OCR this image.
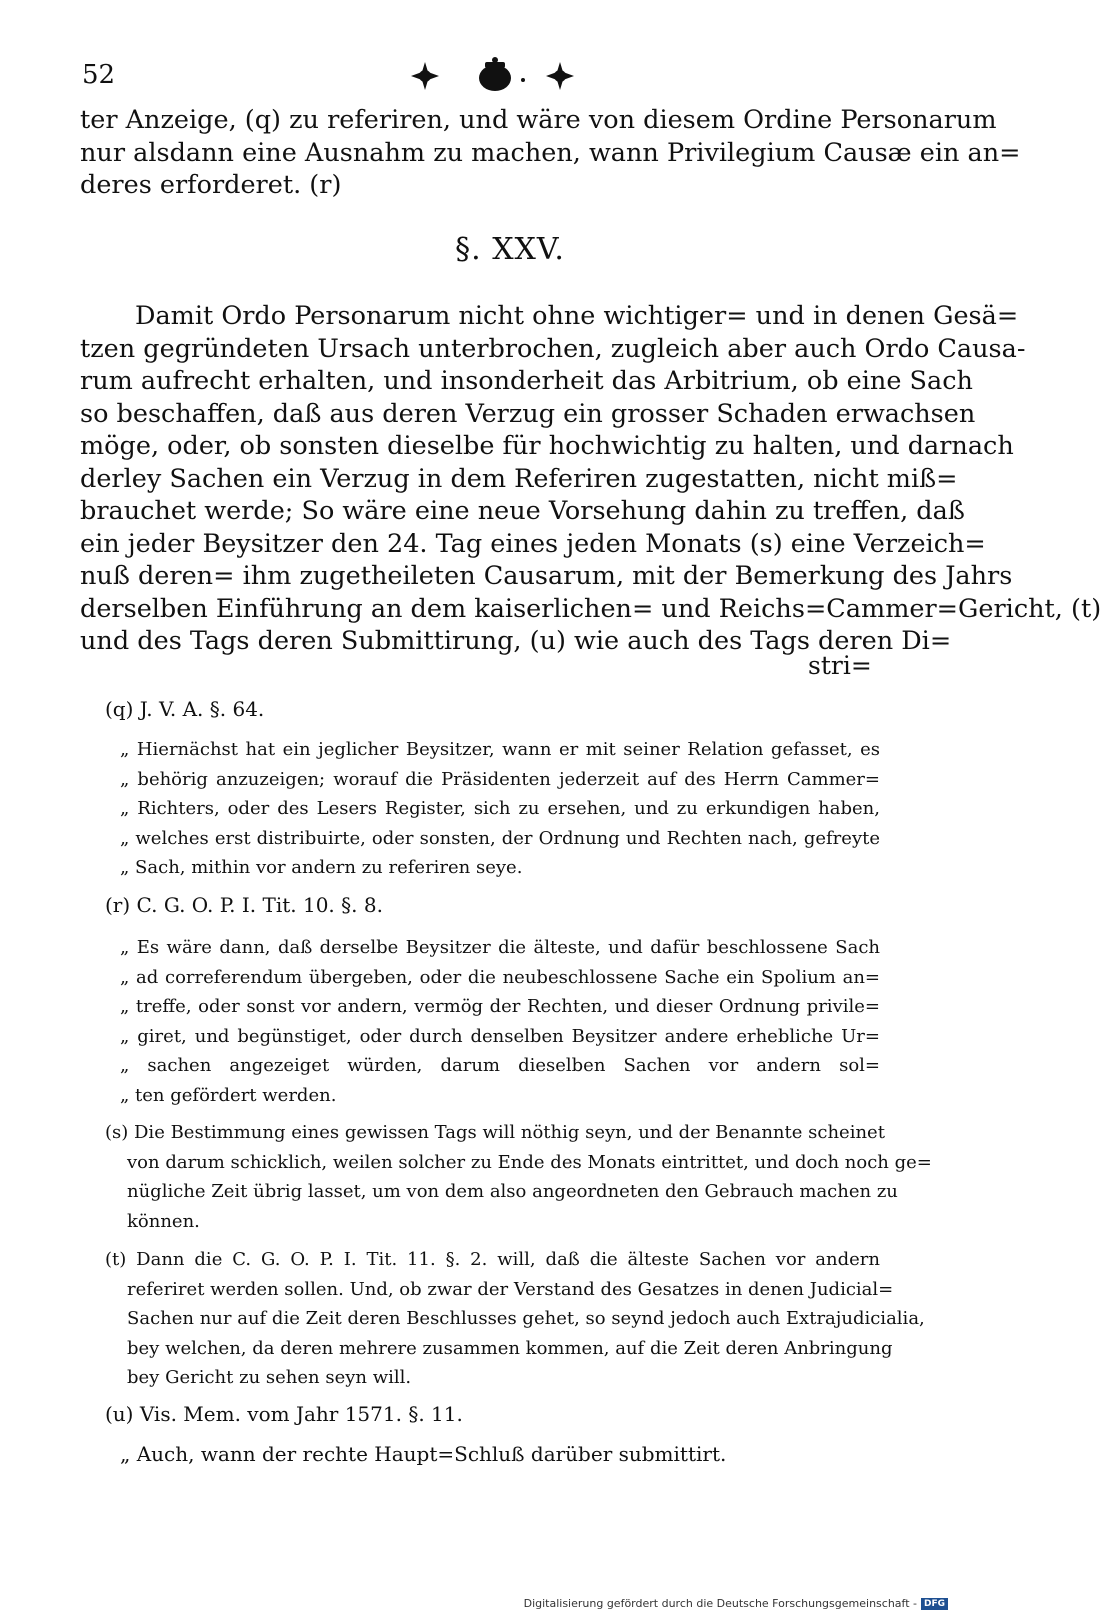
52
ter Anzeige, (q) zu referiren, und wäre von diesem Ordine Personarum
nur alsdann eine Ausnahm zu machen, wann Privilegium Causæ ein an=
deres erforderet. (r)
§. XXV.
Damit Ordo Personarum nicht ohne wichtiger= und in denen Gesä=
tzen gegründeten Ursach unterbrochen, zugleich aber auch Ordo Causa-
rum aufrecht erhalten, und insonderheit das Arbitrium, ob eine Sach
so beschaffen, daß aus deren Verzug ein grosser Schaden erwachsen
möge, oder, ob sonsten dieselbe für hochwichtig zu halten, und darnach
derley Sachen ein Verzug in dem Referiren zugestatten, nicht miß=
brauchet werde; So wäre eine neue Vorsehung dahin zu treffen, daß
ein jeder Beysitzer den 24. Tag eines jeden Monats (s) eine Verzeich=
nuß deren= ihm zugetheileten Causarum, mit der Bemerkung des Jahrs
derselben Einführung an dem kaiserlichen= und Reichs=Cammer=Gericht, (t)
und des Tags deren Submittirung, (u) wie auch des Tags deren Di=
stri=
(q) J. V. A. §. 64.
„ Hiernächst hat ein jeglicher Beysitzer, wann er mit seiner Relation gefasset, es
„ behörig anzuzeigen; worauf die Präsidenten jederzeit auf des Herrn Cammer=
„ Richters, oder des Lesers Register, sich zu ersehen, und zu erkundigen haben,
„ welches erst distribuirte, oder sonsten, der Ordnung und Rechten nach, gefreyte
„ Sach, mithin vor andern zu referiren seye.
(r) C. G. O. P. I. Tit. 10. §. 8.
„ Es wäre dann, daß derselbe Beysitzer die älteste, und dafür beschlossene Sach
„ ad correferendum übergeben, oder die neubeschlossene Sache ein Spolium an=
„ treffe, oder sonst vor andern, vermög der Rechten, und dieser Ordnung privile=
„ giret, und begünstiget, oder durch denselben Beysitzer andere erhebliche Ur=
„ sachen angezeiget würden, darum dieselben Sachen vor andern sol=
„ ten gefördert werden.
(s) Die Bestimmung eines gewissen Tags will nöthig seyn, und der Benannte scheinet
von darum schicklich, weilen solcher zu Ende des Monats eintrittet, und doch noch ge=
nügliche Zeit übrig lasset, um von dem also angeordneten den Gebrauch machen zu
können.
(t) Dann die C. G. O. P. I. Tit. 11. §. 2. will, daß die älteste Sachen vor andern
referiret werden sollen. Und, ob zwar der Verstand des Gesatzes in denen Judicial=
Sachen nur auf die Zeit deren Beschlusses gehet, so seynd jedoch auch Extrajudicialia,
bey welchen, da deren mehrere zusammen kommen, auf die Zeit deren Anbringung
bey Gericht zu sehen seyn will.
(u) Vis. Mem. vom Jahr 1571. §. 11.
„ Auch, wann der rechte Haupt=Schluß darüber submittirt.
Digitalisierung gefördert durch die Deutsche Forschungsgemeinschaft - DFG
